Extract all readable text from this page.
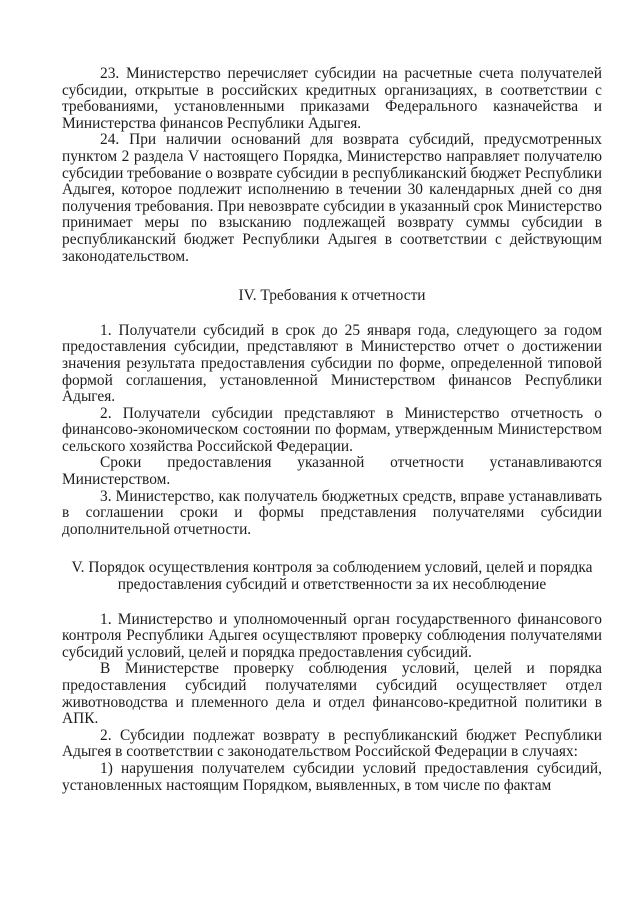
23. Министерство перечисляет субсидии на расчетные счета получателей субсидии, открытые в российских кредитных организациях, в соответствии с требованиями, установленными приказами Федерального казначейства и Министерства финансов Республики Адыгея.

24. При наличии оснований для возврата субсидий, предусмотренных пунктом 2 раздела V настоящего Порядка, Министерство направляет получателю субсидии требование о возврате субсидии в республиканский бюджет Республики Адыгея, которое подлежит исполнению в течении 30 календарных дней со дня получения требования. При невозврате субсидии в указанный срок Министерство принимает меры по взысканию подлежащей возврату суммы субсидии в республиканский бюджет Республики Адыгея в соответствии с действующим законодательством.

IV. Требования к отчетности

1. Получатели субсидий в срок до 25 января года, следующего за годом предоставления субсидии, представляют в Министерство отчет о достижении значения результата предоставления субсидии по форме, определенной типовой формой соглашения, установленной Министерством финансов Республики Адыгея.

2. Получатели субсидии представляют в Министерство отчетность о финансово-экономическом состоянии по формам, утвержденным Министерством сельского хозяйства Российской Федерации.

Сроки предоставления указанной отчетности устанавливаются Министерством.

3. Министерство, как получатель бюджетных средств, вправе устанавливать в соглашении сроки и формы представления получателями субсидии дополнительной отчетности.

V. Порядок осуществления контроля за соблюдением условий, целей и порядка
предоставления субсидий и ответственности за их несоблюдение

1. Министерство и уполномоченный орган государственного финансового контроля Республики Адыгея осуществляют проверку соблюдения получателями субсидий условий, целей и порядка предоставления субсидий.

В Министерстве проверку соблюдения условий, целей и порядка предоставления субсидий получателями субсидий осуществляет отдел животноводства и племенного дела и отдел финансово-кредитной политики в АПК.

2. Субсидии подлежат возврату в республиканский бюджет Республики Адыгея в соответствии с законодательством Российской Федерации в случаях:

1) нарушения получателем субсидии условий предоставления субсидий, установленных настоящим Порядком, выявленных, в том числе по фактам
